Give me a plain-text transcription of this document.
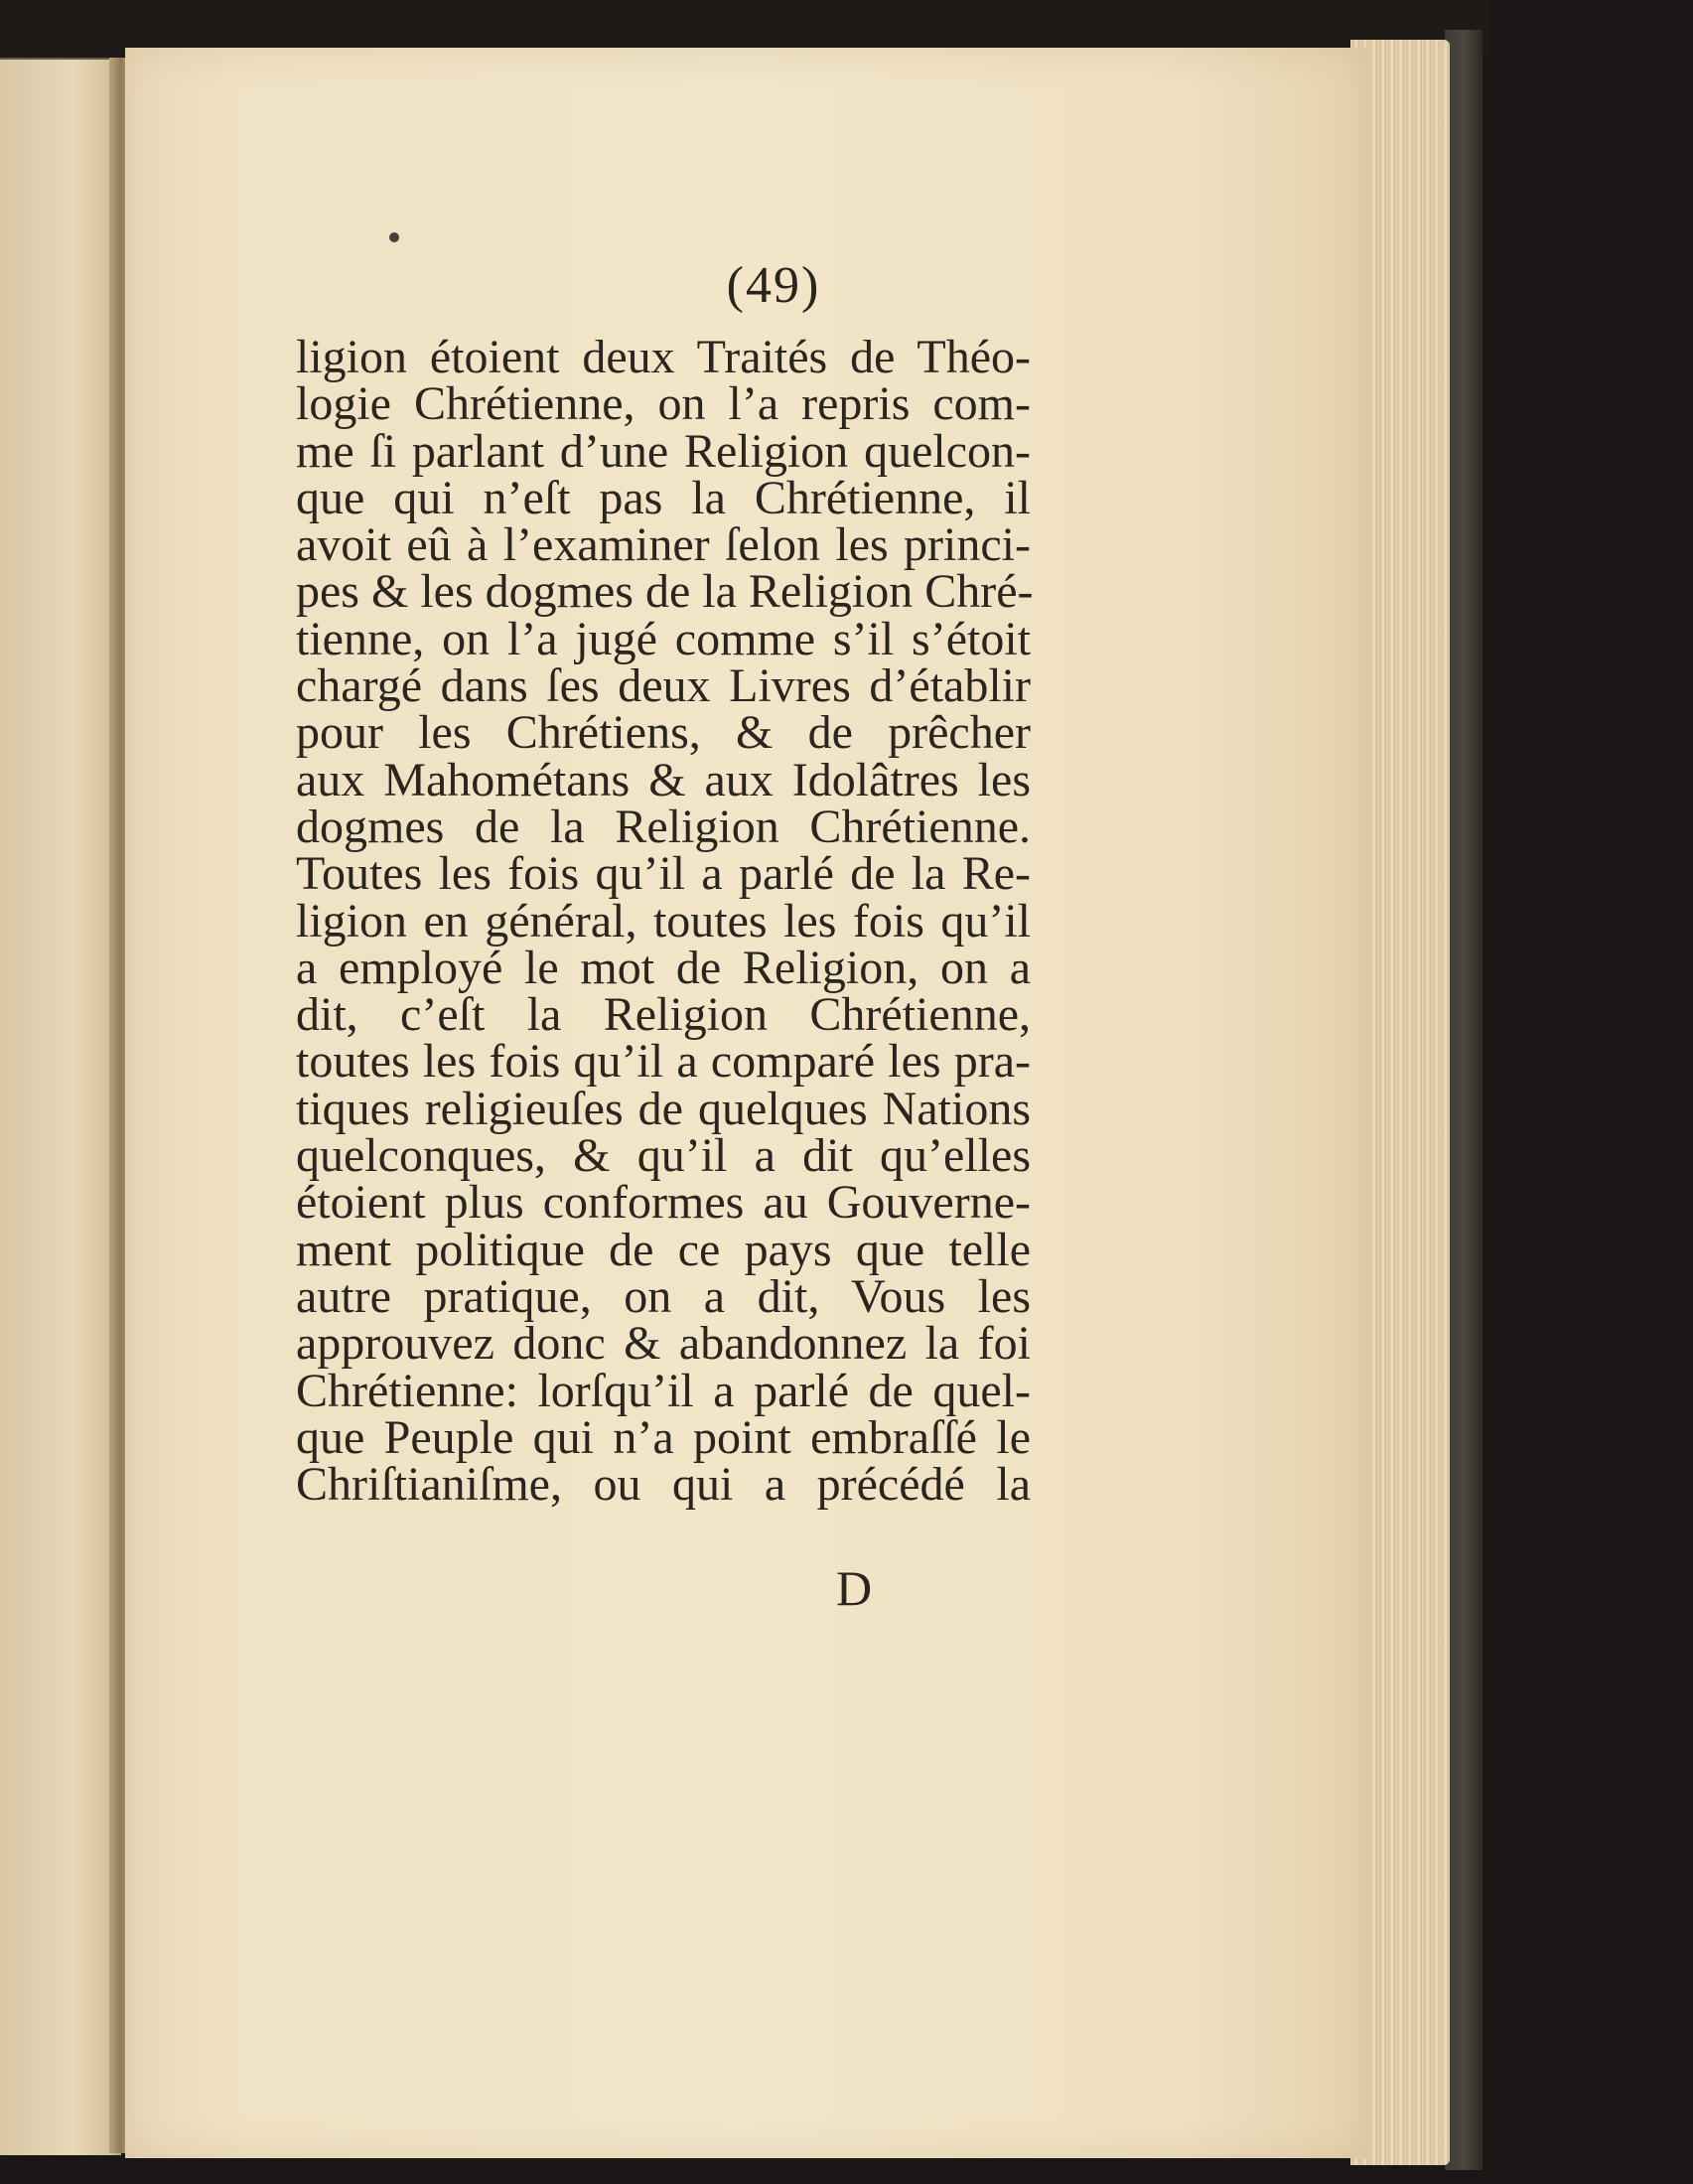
(49)
ligion étoient deux Traités de Théo-
logie Chrétienne, on l’a repris com-
me ſi parlant d’une Religion quelcon-
que qui n’eſt pas la Chrétienne, il
avoit eû à l’examiner ſelon les princi-
pes & les dogmes de la Religion Chré-
tienne, on l’a jugé comme s’il s’étoit
chargé dans ſes deux Livres d’établir
pour les Chrétiens, & de prêcher
aux Mahométans & aux Idolâtres les
dogmes de la Religion Chrétienne.
Toutes les fois qu’il a parlé de la Re-
ligion en général, toutes les fois qu’il
a employé le mot de Religion, on a
dit, c’eſt la Religion Chrétienne,
toutes les fois qu’il a comparé les pra-
tiques religieuſes de quelques Nations
quelconques, & qu’il a dit qu’elles
étoient plus conformes au Gouverne-
ment politique de ce pays que telle
autre pratique, on a dit, Vous les
approuvez donc & abandonnez la foi
Chrétienne: lorſqu’il a parlé de quel-
que Peuple qui n’a point embraſſé le
Chriſtianiſme, ou qui a précédé la
D
